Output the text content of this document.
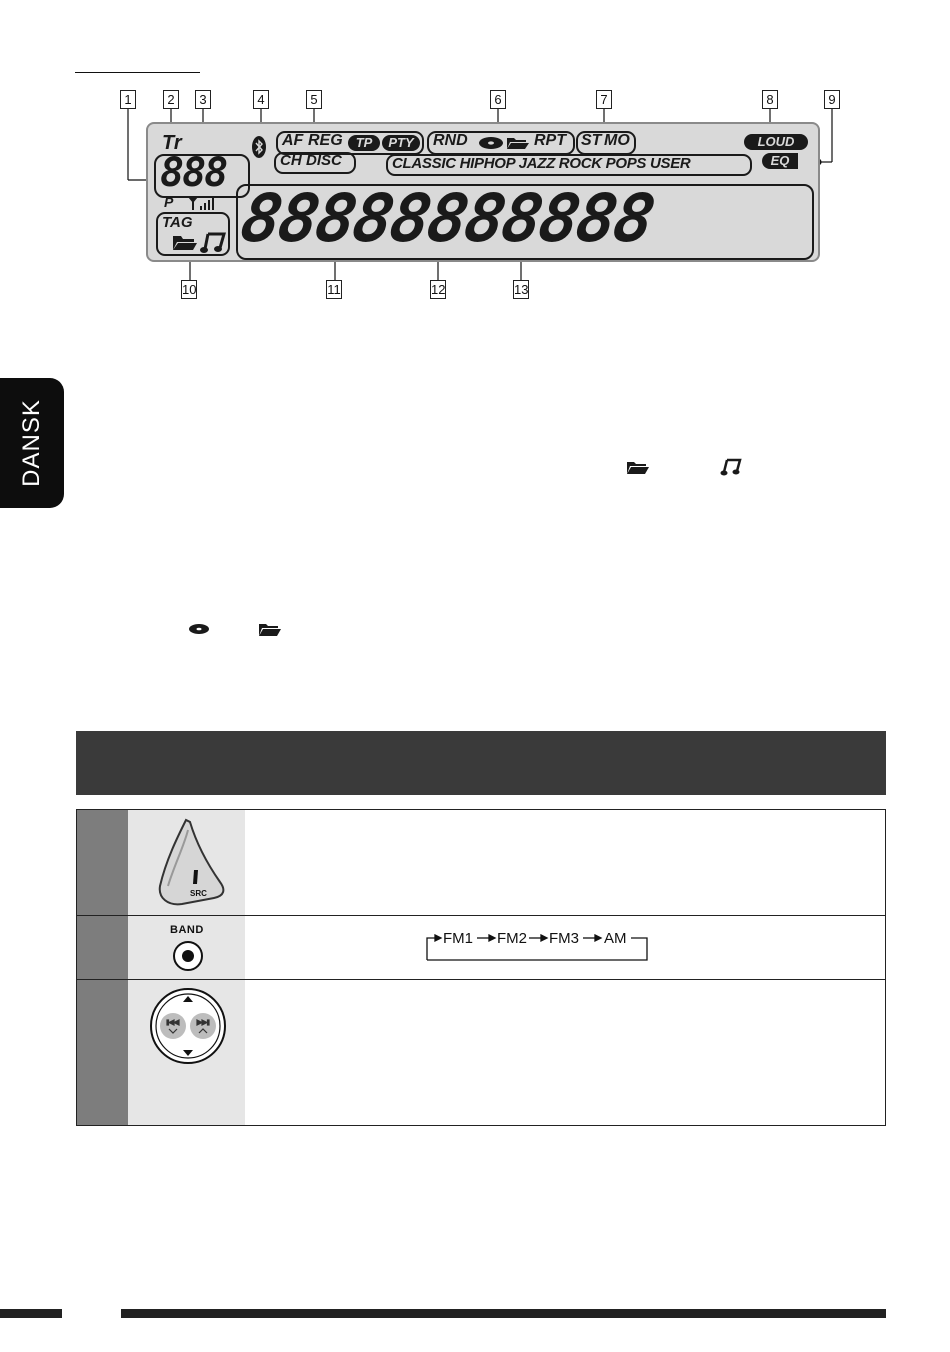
1	2	3	4	5	6	7	8	9
10	11	12	13
Tr
888
P
AF REG	TP	PTY	RND	RPT ST MO	LOUD
EQ
CH DISC	CLASSIC HIPHOP JAZZ ROCK POPS USER
TAG 88888888888
DANSK
SRC
BAND	FM1 FM2 FM3 AM
